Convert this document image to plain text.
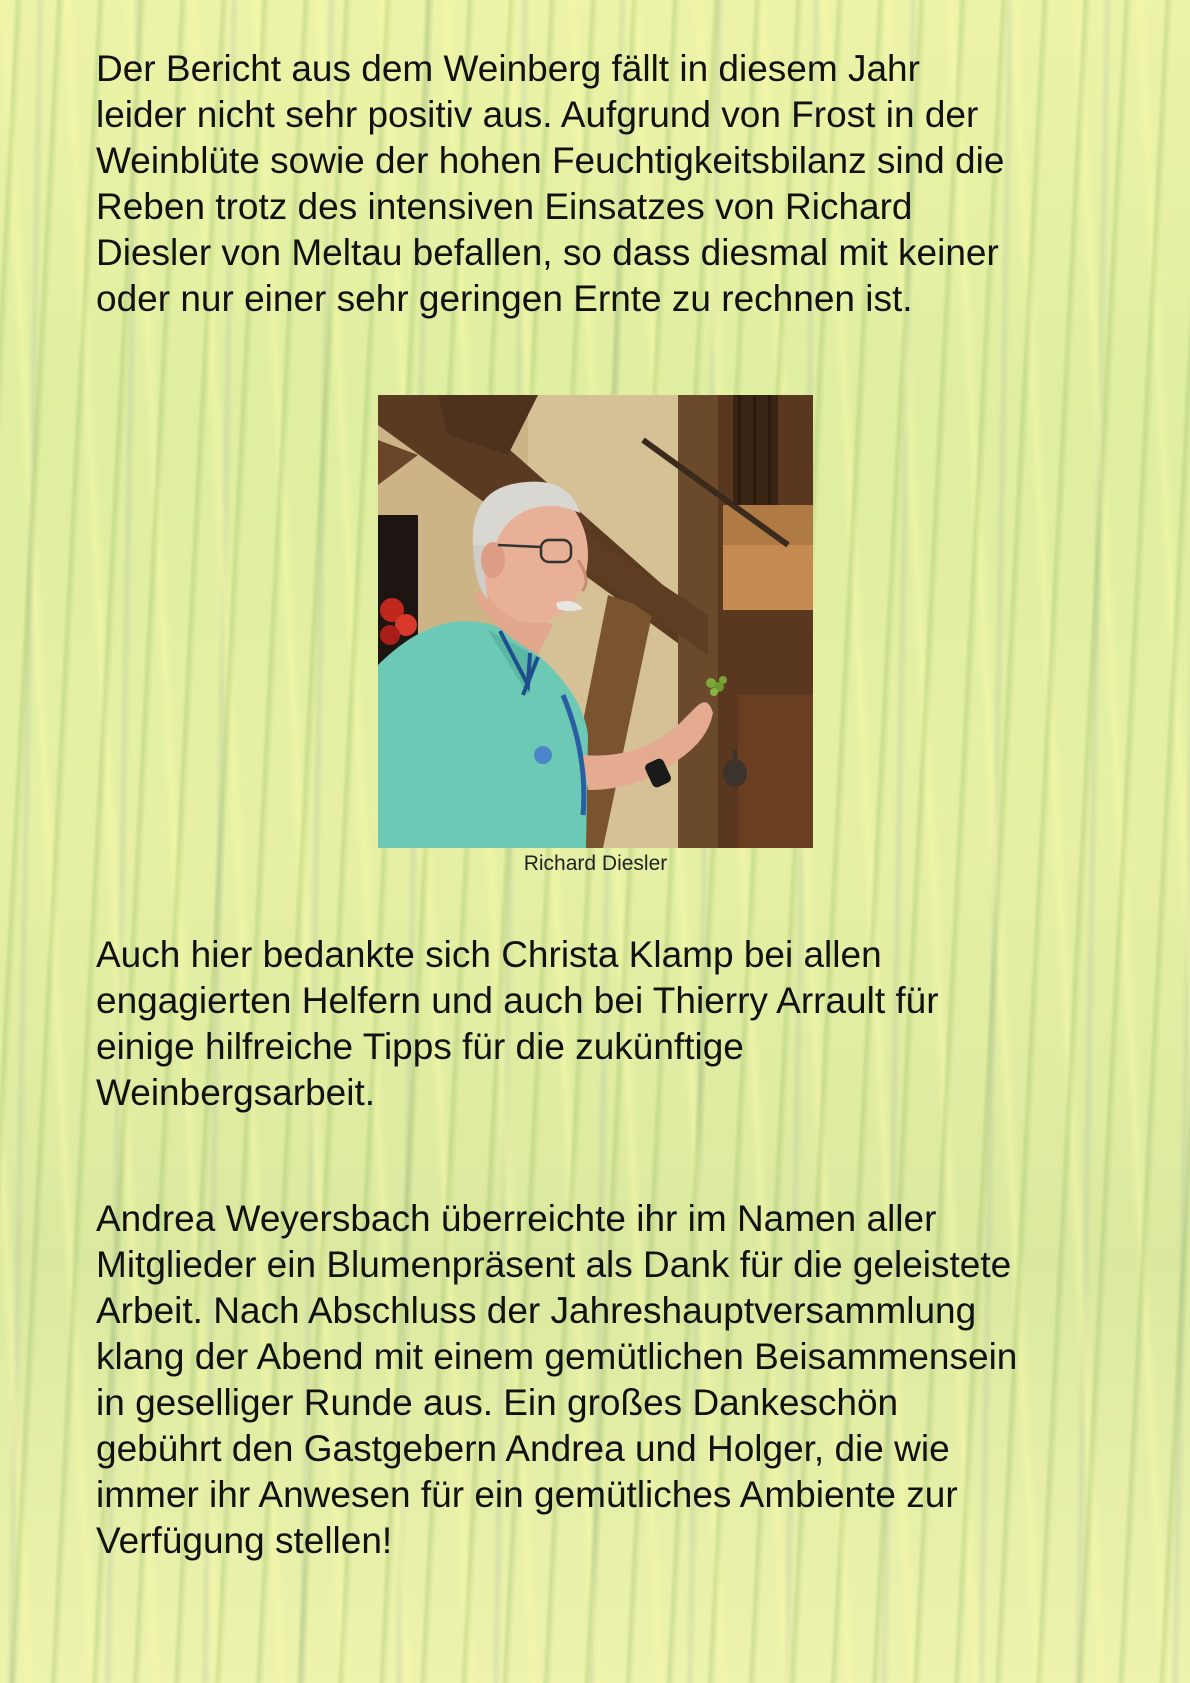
Der Bericht aus dem Weinberg fällt in diesem Jahr
leider nicht sehr positiv aus. Aufgrund von Frost in der
Weinblüte sowie der hohen Feuchtigkeitsbilanz sind die
Reben trotz des intensiven Einsatzes von Richard
Diesler von Meltau befallen, so dass diesmal mit keiner
oder nur einer sehr geringen Ernte zu rechnen ist.

Richard Diesler

Auch hier bedankte sich Christa Klamp bei allen
engagierten Helfern und auch bei Thierry Arrault für
einige hilfreiche Tipps für die zukünftige
Weinbergsarbeit.

Andrea Weyersbach überreichte ihr im Namen aller
Mitglieder ein Blumenpräsent als Dank für die geleistete
Arbeit. Nach Abschluss der Jahreshauptversammlung
klang der Abend mit einem gemütlichen Beisammensein
in geselliger Runde aus. Ein großes Dankeschön
gebührt den Gastgebern Andrea und Holger, die wie
immer ihr Anwesen für ein gemütliches Ambiente zur
Verfügung stellen!
